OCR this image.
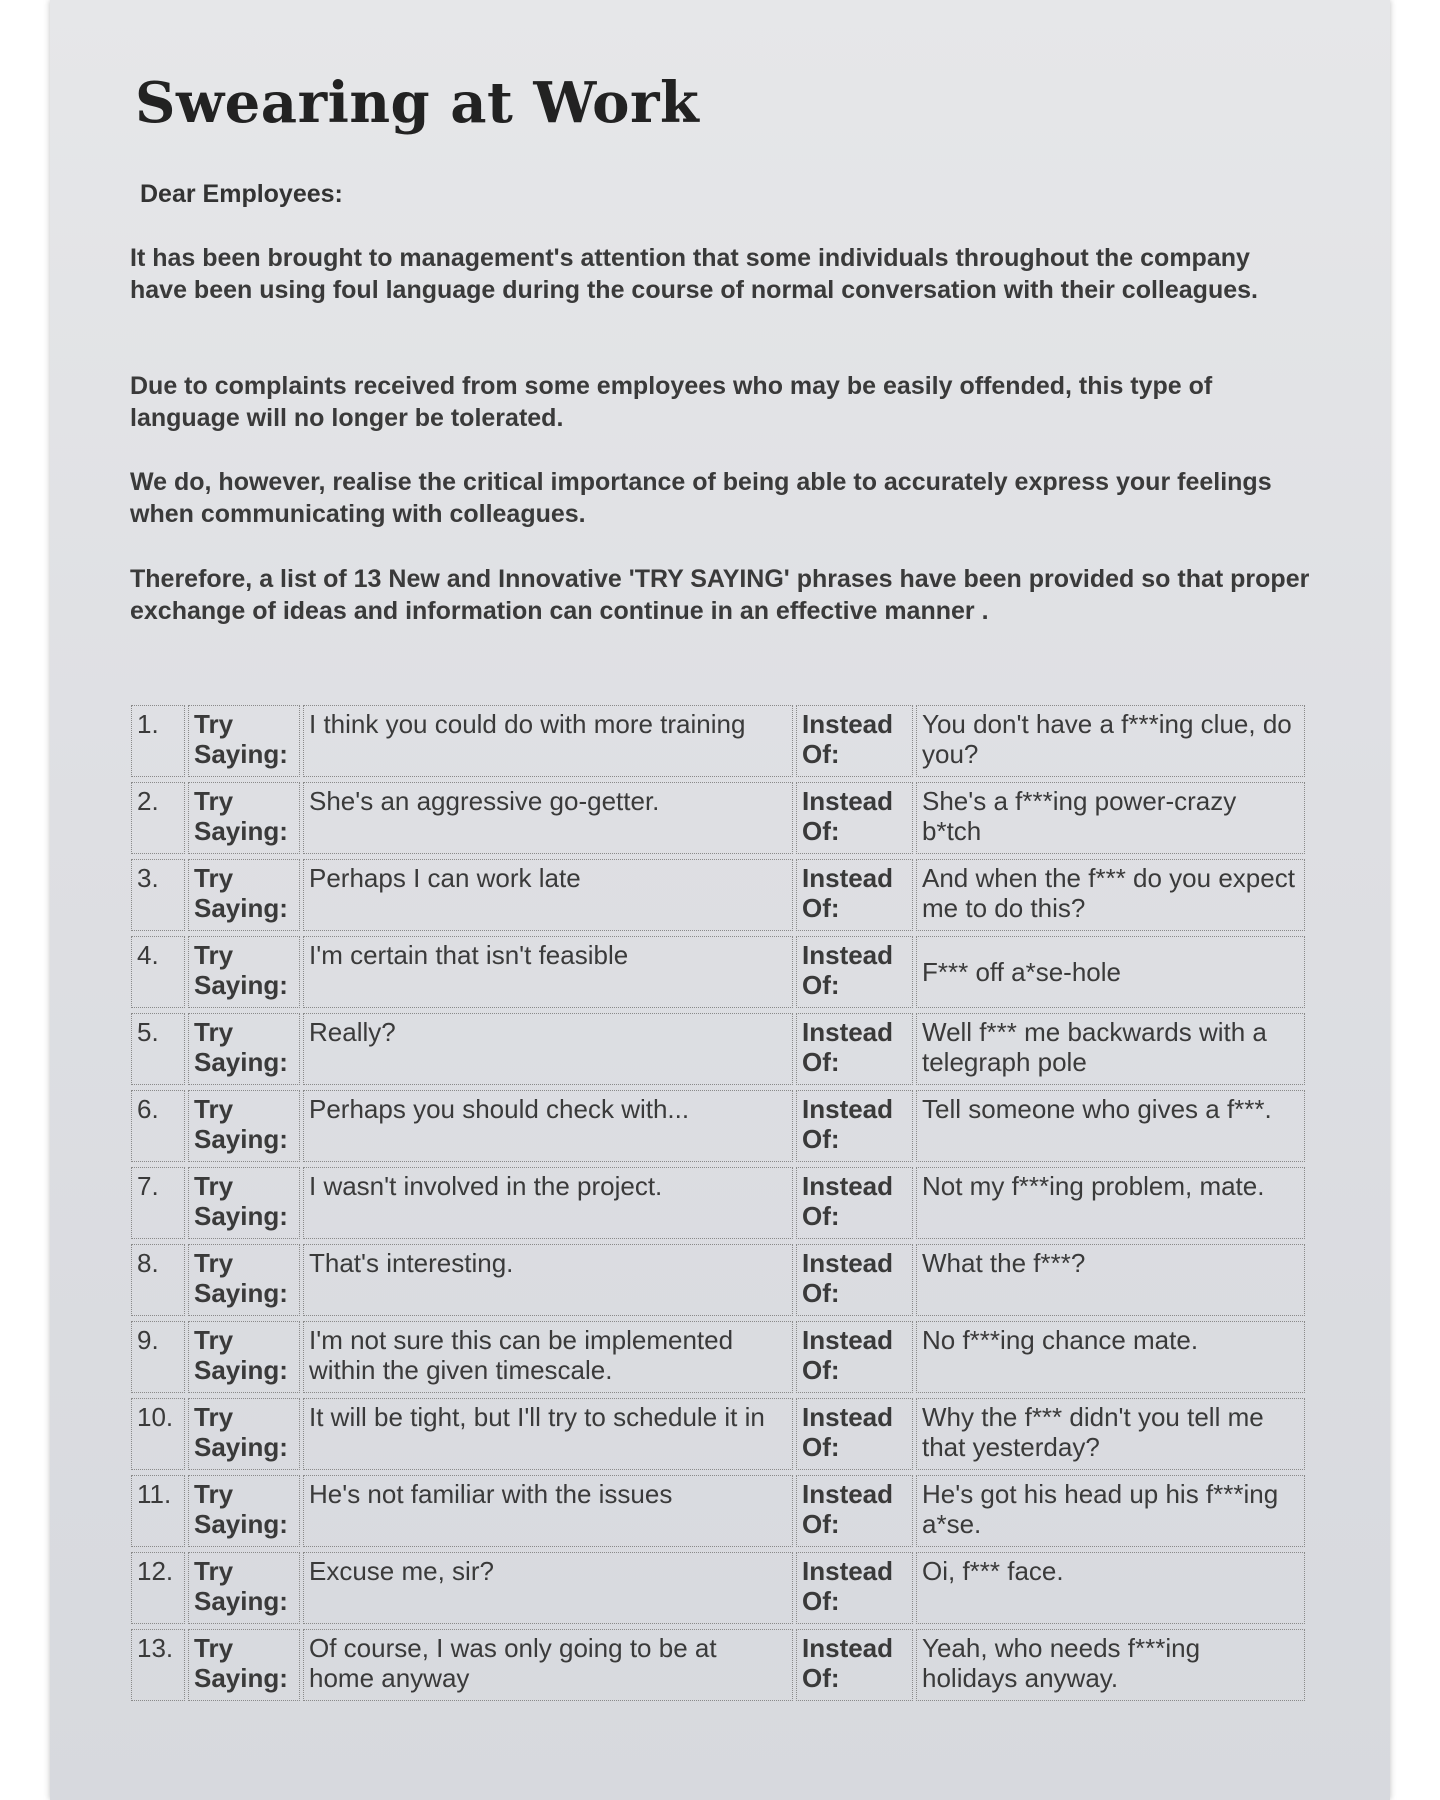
Swearing at Work

Dear Employees:

It has been brought to management's attention that some individuals throughout the company have been using foul language during the course of normal conversation with their colleagues.

Due to complaints received from some employees who may be easily offended, this type of language will no longer be tolerated.

We do, however, realise the critical importance of being able to accurately express your feelings when communicating with colleagues.

Therefore, a list of 13 New and Innovative 'TRY SAYING' phrases have been provided so that proper exchange of ideas and information can continue in an effective manner .

1.	Try
Saying:	I think you could do with more training	Instead
Of:	You don't have a f***ing clue, do you?
2.	Try
Saying:	She's an aggressive go-getter.	Instead
Of:	She's a f***ing power-crazy b*tch
3.	Try
Saying:	Perhaps I can work late	Instead
Of:	And when the f*** do you expect me to do this?
4.	Try
Saying:	I'm certain that isn't feasible	Instead
Of:	F*** off a*se-hole
5.	Try
Saying:	Really?	Instead
Of:	Well f*** me backwards with a telegraph pole
6.	Try
Saying:	Perhaps you should check with...	Instead
Of:	Tell someone who gives a f***.
7.	Try
Saying:	I wasn't involved in the project.	Instead
Of:	Not my f***ing problem, mate.
8.	Try
Saying:	That's interesting.	Instead
Of:	What the f***?
9.	Try
Saying:	I'm not sure this can be implemented within the given timescale.	Instead
Of:	No f***ing chance mate.
10.	Try
Saying:	It will be tight, but I'll try to schedule it in	Instead
Of:	Why the f*** didn't you tell me that yesterday?
11.	Try
Saying:	He's not familiar with the issues	Instead
Of:	He's got his head up his f***ing a*se.
12.	Try
Saying:	Excuse me, sir?	Instead
Of:	Oi, f*** face.
13.	Try
Saying:	Of course, I was only going to be at home anyway	Instead
Of:	Yeah, who needs f***ing holidays anyway.
